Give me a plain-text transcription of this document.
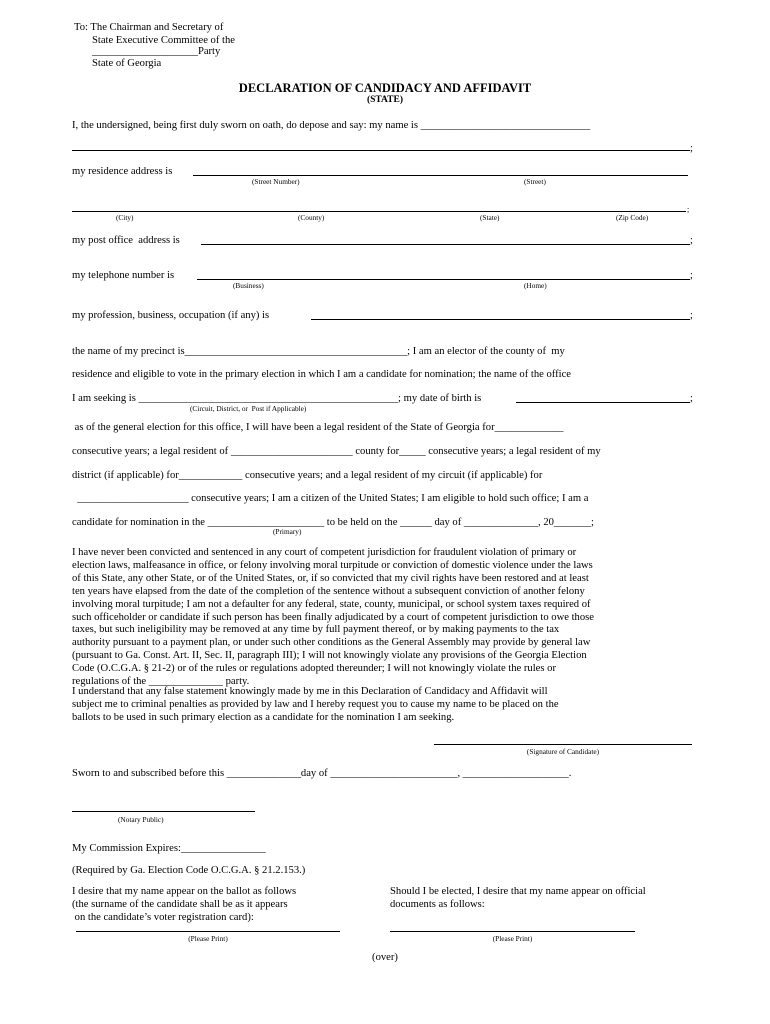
To: The Chairman and Secretary of
State Executive Committee of the
____________________Party
State of Georgia
DECLARATION OF CANDIDACY AND AFFIDAVIT
(STATE)
I, the undersigned, being first duly sworn on oath, do depose and say: my name is ________________________________
;
my residence address is
(Street Number)	(Street)
;
(City)	(County)	(State)	(Zip Code)
my post office  address is	;
my telephone number is	;
(Business)	(Home)
my profession, business, occupation (if any) is	;
the name of my precinct is__________________________________________; I am an elector of the county of  my
residence and eligible to vote in the primary election in which I am a candidate for nomination; the name of the office
I am seeking is _________________________________________________; my date of birth is	;
(Circuit, District, or  Post if Applicable)
as of the general election for this office, I will have been a legal resident of the State of Georgia for_____________
consecutive years; a legal resident of _______________________ county for_____ consecutive years; a legal resident of my
district (if applicable) for____________ consecutive years; and a legal resident of my circuit (if applicable) for
_____________________ consecutive years; I am a citizen of the United States; I am eligible to hold such office; I am a
candidate for nomination in the ______________________ to be held on the ______ day of ______________, 20_______;
(Primary)
I have never been convicted and sentenced in any court of competent jurisdiction for fraudulent violation of primary or
election laws, malfeasance in office, or felony involving moral turpitude or conviction of domestic violence under the laws
of this State, any other State, or of the United States, or, if so convicted that my civil rights have been restored and at least
ten years have elapsed from the date of the completion of the sentence without a subsequent conviction of another felony
involving moral turpitude; I am not a defaulter for any federal, state, county, municipal, or school system taxes required of
such officeholder or candidate if such person has been finally adjudicated by a court of competent jurisdiction to owe those
taxes, but such ineligibility may be removed at any time by full payment thereof, or by making payments to the tax
authority pursuant to a payment plan, or under such other conditions as the General Assembly may provide by general law
(pursuant to Ga. Const. Art. II, Sec. II, paragraph III); I will not knowingly violate any provisions of the Georgia Election
Code (O.C.G.A. § 21-2) or of the rules or regulations adopted thereunder; I will not knowingly violate the rules or
regulations of the ______________ party.
I understand that any false statement knowingly made by me in this Declaration of Candidacy and Affidavit will
subject me to criminal penalties as provided by law and I hereby request you to cause my name to be placed on the
ballots to be used in such primary election as a candidate for the nomination I am seeking.
(Signature of Candidate)
Sworn to and subscribed before this ______________day of ________________________, ____________________.
(Notary Public)
My Commission Expires:________________
(Required by Ga. Election Code O.C.G.A. § 21.2.153.)
I desire that my name appear on the ballot as follows
(the surname of the candidate shall be as it appears
on the candidate’s voter registration card):
Should I be elected, I desire that my name appear on official
documents as follows:
(Please Print)	(Please Print)
(over)
